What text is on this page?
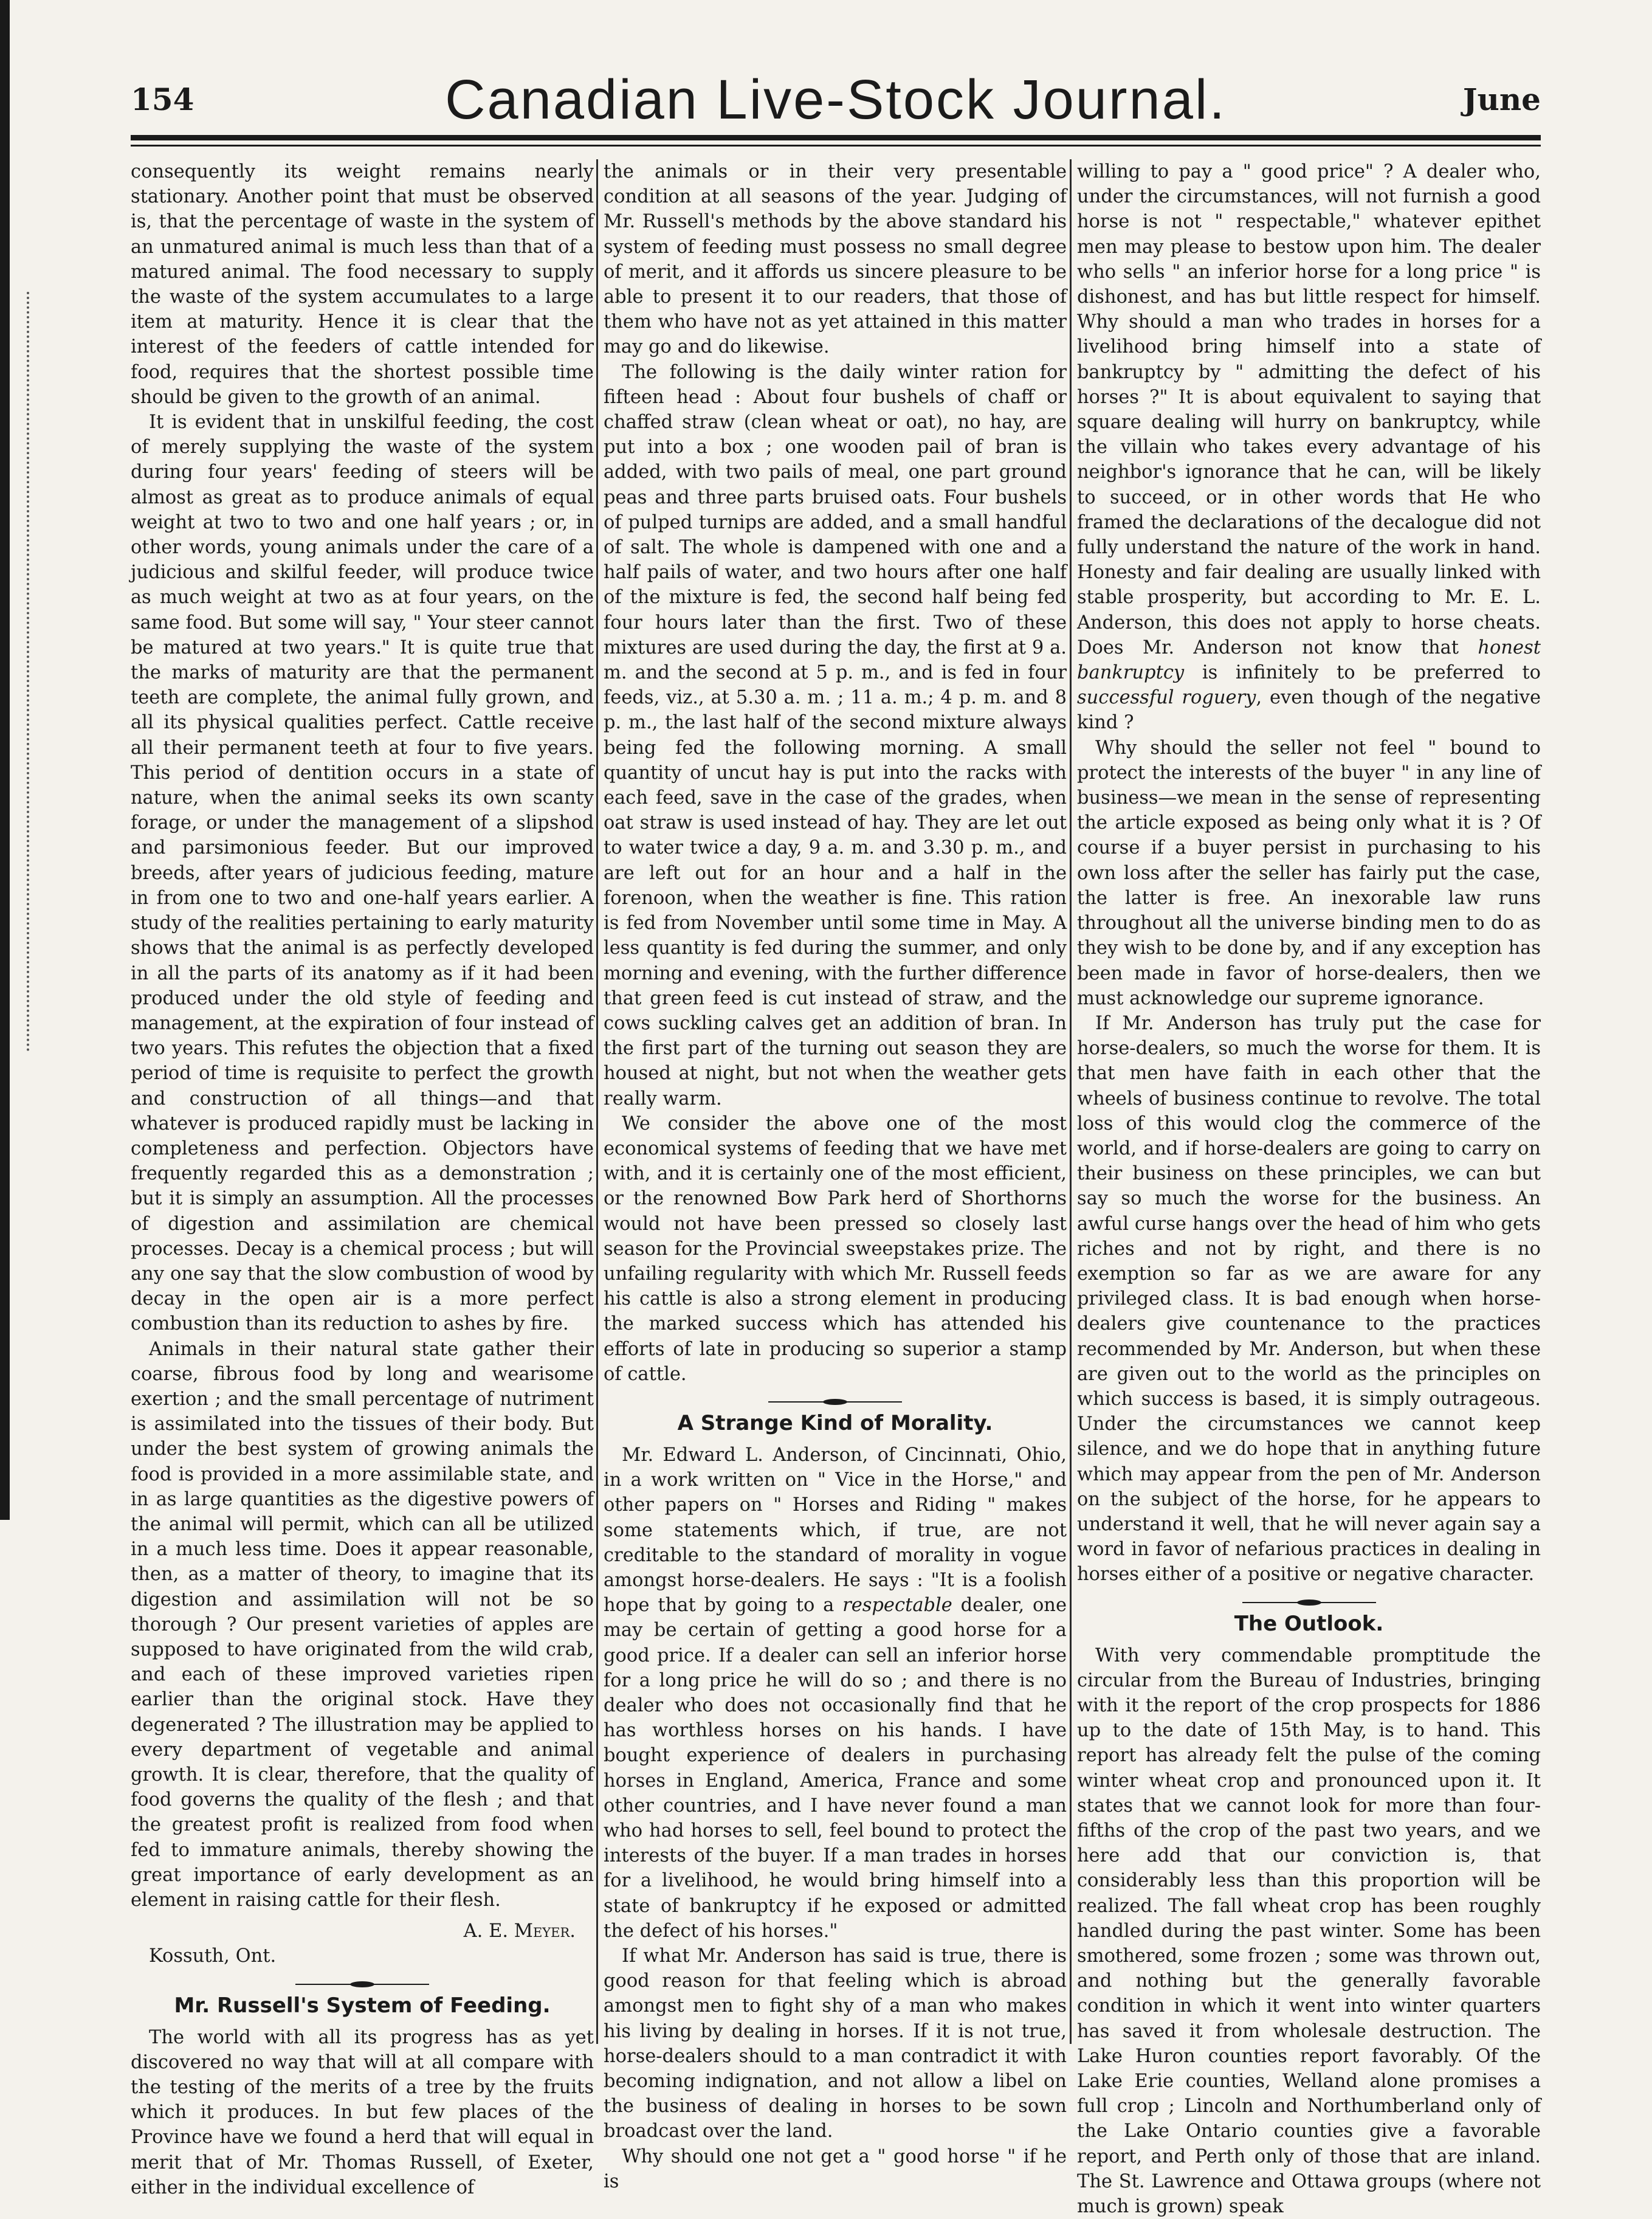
154	Canadian Live-Stock Journal.	June

consequently its weight remains nearly stationary. Another point that must be observed is, that the percentage of waste in the system of an unmatured animal is much less than that of a matured animal. The food necessary to supply the waste of the system accumulates to a large item at maturity. Hence it is clear that the interest of the feeders of cattle intended for food, requires that the shortest possible time should be given to the growth of an animal.

It is evident that in unskilful feeding, the cost of merely supplying the waste of the system during four years' feeding of steers will be almost as great as to produce animals of equal weight at two to two and one half years ; or, in other words, young animals under the care of a judicious and skilful feeder, will produce twice as much weight at two as at four years, on the same food. But some will say, " Your steer cannot be matured at two years." It is quite true that the marks of maturity are that the permanent teeth are complete, the animal fully grown, and all its physical qualities perfect. Cattle receive all their permanent teeth at four to five years. This period of dentition occurs in a state of nature, when the animal seeks its own scanty forage, or under the management of a slipshod and parsimonious feeder. But our improved breeds, after years of judicious feeding, mature in from one to two and one-half years earlier. A study of the realities pertaining to early maturity shows that the animal is as perfectly developed in all the parts of its anatomy as if it had been produced under the old style of feeding and management, at the expiration of four instead of two years. This refutes the objection that a fixed period of time is requisite to perfect the growth and construction of all things—and that whatever is produced rapidly must be lacking in completeness and perfection. Objectors have frequently regarded this as a demonstration ; but it is simply an assumption. All the processes of digestion and assimilation are chemical processes. Decay is a chemical process ; but will any one say that the slow combustion of wood by decay in the open air is a more perfect combustion than its reduction to ashes by fire.

Animals in their natural state gather their coarse, fibrous food by long and wearisome exertion ; and the small percentage of nutriment is assimilated into the tissues of their body. But under the best system of growing animals the food is provided in a more assimilable state, and in as large quantities as the digestive powers of the animal will permit, which can all be utilized in a much less time. Does it appear reasonable, then, as a matter of theory, to imagine that its digestion and assimilation will not be so thorough ? Our present varieties of apples are supposed to have originated from the wild crab, and each of these improved varieties ripen earlier than the original stock. Have they degenerated ? The illustration may be applied to every department of vegetable and animal growth. It is clear, therefore, that the quality of food governs the quality of the flesh ; and that the greatest profit is realized from food when fed to immature animals, thereby showing the great importance of early development as an element in raising cattle for their flesh.

A. E. Meyer.
Kossuth, Ont.
Mr. Russell's System of Feeding.

The world with all its progress has as yet discovered no way that will at all compare with the testing of the merits of a tree by the fruits which it produces. In but few places of the Province have we found a herd that will equal in merit that of Mr. Thomas Russell, of Exeter, either in the individual excellence of

the animals or in their very presentable condition at all seasons of the year. Judging of Mr. Russell's methods by the above standard his system of feeding must possess no small degree of merit, and it affords us sincere pleasure to be able to present it to our readers, that those of them who have not as yet attained in this matter may go and do likewise.

The following is the daily winter ration for fifteen head : About four bushels of chaff or chaffed straw (clean wheat or oat), no hay, are put into a box ; one wooden pail of bran is added, with two pails of meal, one part ground peas and three parts bruised oats. Four bushels of pulped turnips are added, and a small handful of salt. The whole is dampened with one and a half pails of water, and two hours after one half of the mixture is fed, the second half being fed four hours later than the first. Two of these mixtures are used during the day, the first at 9 a. m. and the second at 5 p. m., and is fed in four feeds, viz., at 5.30 a. m. ; 11 a. m.; 4 p. m. and 8 p. m., the last half of the second mixture always being fed the following morning. A small quantity of uncut hay is put into the racks with each feed, save in the case of the grades, when oat straw is used instead of hay. They are let out to water twice a day, 9 a. m. and 3.30 p. m., and are left out for an hour and a half in the forenoon, when the weather is fine. This ration is fed from November until some time in May. A less quantity is fed during the summer, and only morning and evening, with the further difference that green feed is cut instead of straw, and the cows suckling calves get an addition of bran. In the first part of the turning out season they are housed at night, but not when the weather gets really warm.

We consider the above one of the most economical systems of feeding that we have met with, and it is certainly one of the most efficient, or the renowned Bow Park herd of Shorthorns would not have been pressed so closely last season for the Provincial sweepstakes prize. The unfailing regularity with which Mr. Russell feeds his cattle is also a strong element in producing the marked success which has attended his efforts of late in producing so superior a stamp of cattle.

A Strange Kind of Morality.

Mr. Edward L. Anderson, of Cincinnati, Ohio, in a work written on " Vice in the Horse," and other papers on " Horses and Riding " makes some statements which, if true, are not creditable to the standard of morality in vogue amongst horse-dealers. He says : "It is a foolish hope that by going to a respectable dealer, one may be certain of getting a good horse for a good price. If a dealer can sell an inferior horse for a long price he will do so ; and there is no dealer who does not occasionally find that he has worthless horses on his hands. I have bought experience of dealers in purchasing horses in England, America, France and some other countries, and I have never found a man who had horses to sell, feel bound to protect the interests of the buyer. If a man trades in horses for a livelihood, he would bring himself into a state of bankruptcy if he exposed or admitted the defect of his horses."

If what Mr. Anderson has said is true, there is good reason for that feeling which is abroad amongst men to fight shy of a man who makes his living by dealing in horses. If it is not true, horse-dealers should to a man contradict it with becoming indignation, and not allow a libel on the business of dealing in horses to be sown broadcast over the land.

Why should one not get a " good horse " if he is

willing to pay a " good price" ? A dealer who, under the circumstances, will not furnish a good horse is not " respectable," whatever epithet men may please to bestow upon him. The dealer who sells " an inferior horse for a long price " is dishonest, and has but little respect for himself. Why should a man who trades in horses for a livelihood bring himself into a state of bankruptcy by " admitting the defect of his horses ?" It is about equivalent to saying that square dealing will hurry on bankruptcy, while the villain who takes every advantage of his neighbor's ignorance that he can, will be likely to succeed, or in other words that He who framed the declarations of the decalogue did not fully understand the nature of the work in hand. Honesty and fair dealing are usually linked with stable prosperity, but according to Mr. E. L. Anderson, this does not apply to horse cheats. Does Mr. Anderson not know that honest bankruptcy is infinitely to be preferred to successful roguery, even though of the negative kind ?

Why should the seller not feel " bound to protect the interests of the buyer " in any line of business—we mean in the sense of representing the article exposed as being only what it is ? Of course if a buyer persist in purchasing to his own loss after the seller has fairly put the case, the latter is free. An inexorable law runs throughout all the universe binding men to do as they wish to be done by, and if any exception has been made in favor of horse-dealers, then we must acknowledge our supreme ignorance.

If Mr. Anderson has truly put the case for horse-dealers, so much the worse for them. It is that men have faith in each other that the wheels of business continue to revolve. The total loss of this would clog the commerce of the world, and if horse-dealers are going to carry on their business on these principles, we can but say so much the worse for the business. An awful curse hangs over the head of him who gets riches and not by right, and there is no exemption so far as we are aware for any privileged class. It is bad enough when horse-dealers give countenance to the practices recommended by Mr. Anderson, but when these are given out to the world as the principles on which success is based, it is simply outrageous. Under the circumstances we cannot keep silence, and we do hope that in anything future which may appear from the pen of Mr. Anderson on the subject of the horse, for he appears to understand it well, that he will never again say a word in favor of nefarious practices in dealing in horses either of a positive or negative character.

The Outlook.

With very commendable promptitude the circular from the Bureau of Industries, bringing with it the report of the crop prospects for 1886 up to the date of 15th May, is to hand. This report has already felt the pulse of the coming winter wheat crop and pronounced upon it. It states that we cannot look for more than four-fifths of the crop of the past two years, and we here add that our conviction is, that considerably less than this proportion will be realized. The fall wheat crop has been roughly handled during the past winter. Some has been smothered, some frozen ; some was thrown out, and nothing but the generally favorable condition in which it went into winter quarters has saved it from wholesale destruction. The Lake Huron counties report favorably. Of the Lake Erie counties, Welland alone promises a full crop ; Lincoln and Northumberland only of the Lake Ontario counties give a favorable report, and Perth only of those that are inland. The St. Lawrence and Ottawa groups (where not much is grown) speak
